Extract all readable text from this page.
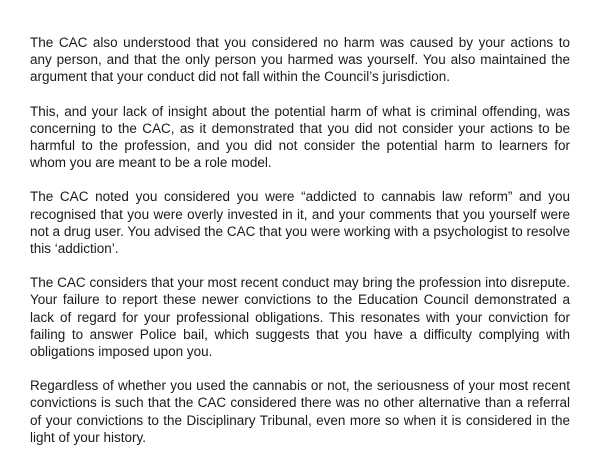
The CAC also understood that you considered no harm was caused by your actions to any person, and that the only person you harmed was yourself. You also maintained the argument that your conduct did not fall within the Council’s jurisdiction.

This, and your lack of insight about the potential harm of what is criminal offending, was concerning to the CAC, as it demonstrated that you did not consider your actions to be harmful to the profession, and you did not consider the potential harm to learners for whom you are meant to be a role model.

The CAC noted you considered you were “addicted to cannabis law reform” and you recognised that you were overly invested in it, and your comments that you yourself were not a drug user. You advised the CAC that you were working with a psychologist to resolve this ‘addiction’.

The CAC considers that your most recent conduct may bring the profession into disrepute. Your failure to report these newer convictions to the Education Council demonstrated a lack of regard for your professional obligations. This resonates with your conviction for failing to answer Police bail, which suggests that you have a difficulty complying with obligations imposed upon you.

Regardless of whether you used the cannabis or not, the seriousness of your most recent convictions is such that the CAC considered there was no other alternative than a referral of your convictions to the Disciplinary Tribunal, even more so when it is considered in the light of your history.
